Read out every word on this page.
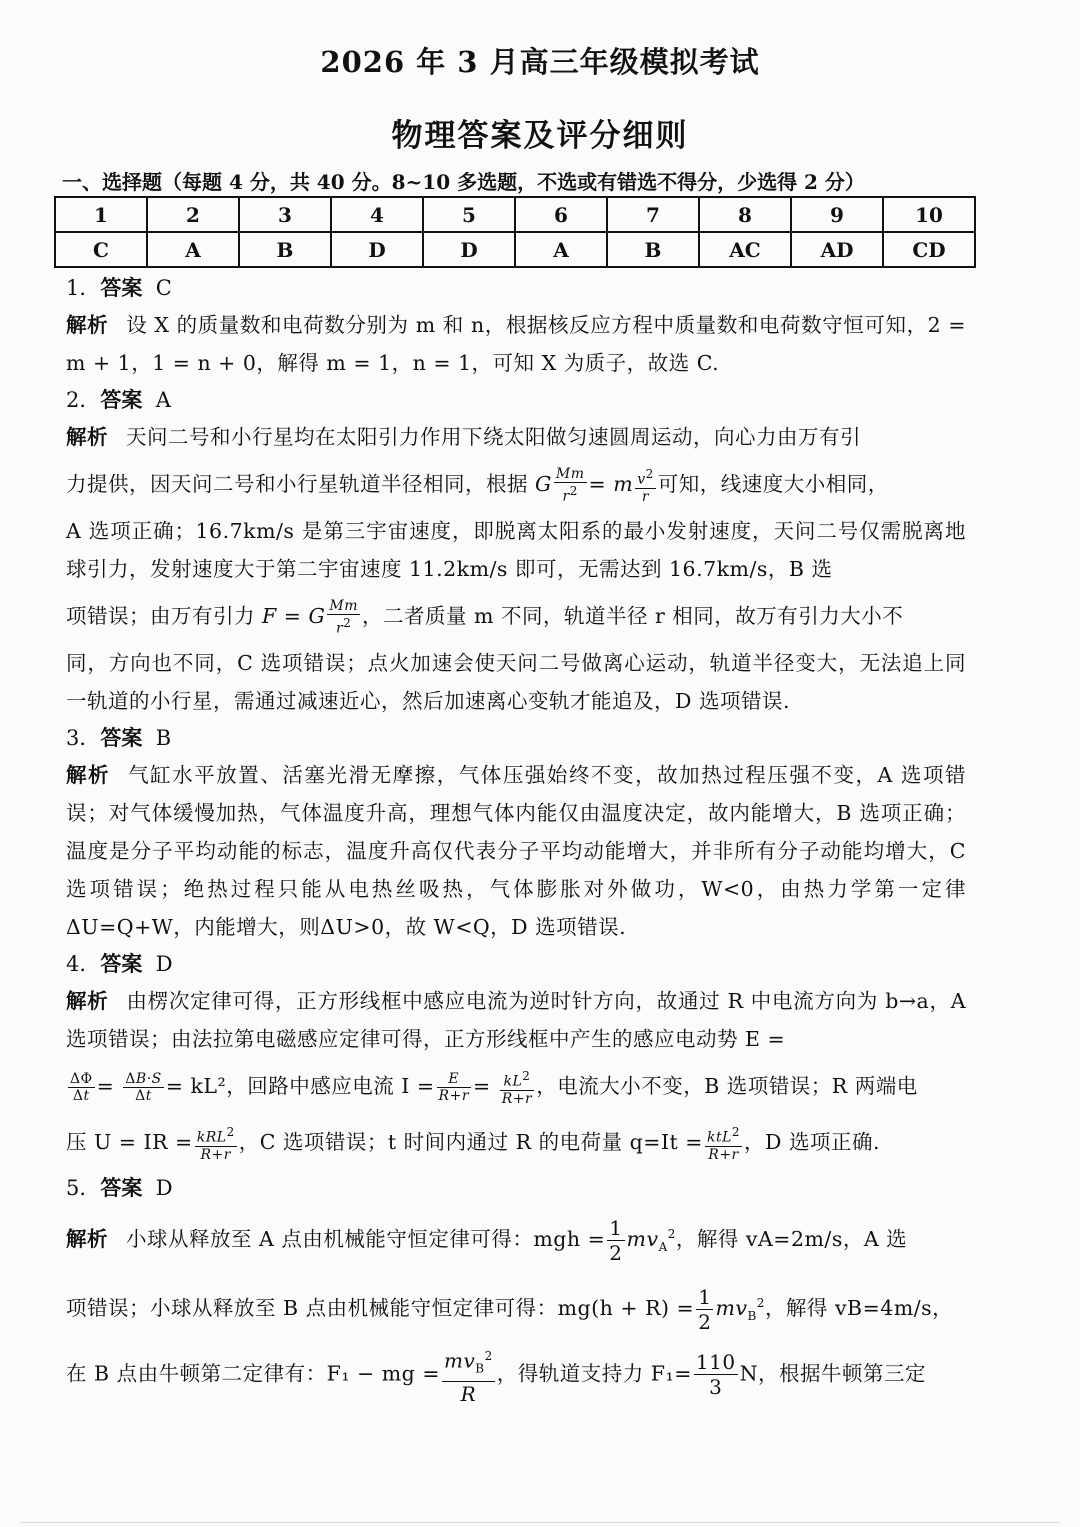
2026 年 3 月高三年级模拟考试
物理答案及评分细则
一、选择题（每题 4 分，共 40 分。8~10 多选题，不选或有错选不得分，少选得 2 分）
1	2	3	4	5	6	7	8	9	10
C	A	B	D	D	A	B	AC	AD	CD
1．答案 C
解析 设 X 的质量数和电荷数分别为 m 和 n，根据核反应方程中质量数和电荷数守恒可知，2 = m + 1，1 = n + 0，解得 m = 1，n = 1，可知 X 为质子，故选 C.
2．答案 A
解析 天问二号和小行星均在太阳引力作用下绕太阳做匀速圆周运动，向心力由万有引
力提供，因天问二号和小行星轨道半径相同，根据 G $\frac{Mm}{r^2} = m \frac{v^2}{r}$ 可知，线速度大小相同，
A 选项正确；16.7km/s 是第三宇宙速度，即脱离太阳系的最小发射速度，天问二号仅需脱离地球引力，发射速度大于第二宇宙速度 11.2km/s 即可，无需达到 16.7km/s，B 选
项错误；由万有引力 F = G $\frac{Mm}{r^2}$ ，二者质量 m 不同，轨道半径 r 相同，故万有引力大小不
同，方向也不同，C 选项错误；点火加速会使天问二号做离心运动，轨道半径变大，无法追上同一轨道的小行星，需通过减速近心，然后加速离心变轨才能追及，D 选项错误.
3．答案 B
解析 气缸水平放置、活塞光滑无摩擦，气体压强始终不变，故加热过程压强不变，A 选项错误；对气体缓慢加热，气体温度升高，理想气体内能仅由温度决定，故内能增大，B 选项正确；温度是分子平均动能的标志，温度升高仅代表分子平均动能增大，并非所有分子动能均增大，C 选项错误；绝热过程只能从电热丝吸热，气体膨胀对外做功，W<0，由热力学第一定律ΔU=Q+W，内能增大，则ΔU>0，故 W<Q，D 选项错误.
4．答案 D
解析 由楞次定律可得，正方形线框中感应电流为逆时针方向，故通过 R 中电流方向为 b→a，A 选项错误；由法拉第电磁感应定律可得，正方形线框中产生的感应电动势 E =
$\frac{\Delta\Phi}{\Delta t} = \frac{\Delta B\cdot S}{\Delta t} = kL^2$，回路中感应电流 $I = \frac{E}{R+r} = \frac{kL^2}{R+r}$ ，电流大小不变，B 选项错误；R 两端电
压 U = IR = $\frac{kRL^2}{R+r}$ ，C 选项错误；t 时间内通过 R 的电荷量 $q=It = \frac{ktL^2}{R+r}$ ，D 选项正确.
5．答案 D
解析 小球从释放至 A 点由机械能守恒定律可得：mgh = $\frac{1}{2} mv_A^2$，解得 vA=2m/s，A 选
项错误；小球从释放至 B 点由机械能守恒定律可得：$mg(h + R) = \frac{1}{2} mv_B^2$，解得 vB=4m/s，
在 B 点由牛顿第二定律有：F₁ − mg = $\frac{mv_B^2}{R}$ ，得轨道支持力 $F_1= \frac{110}{3}$ N，根据牛顿第三定
